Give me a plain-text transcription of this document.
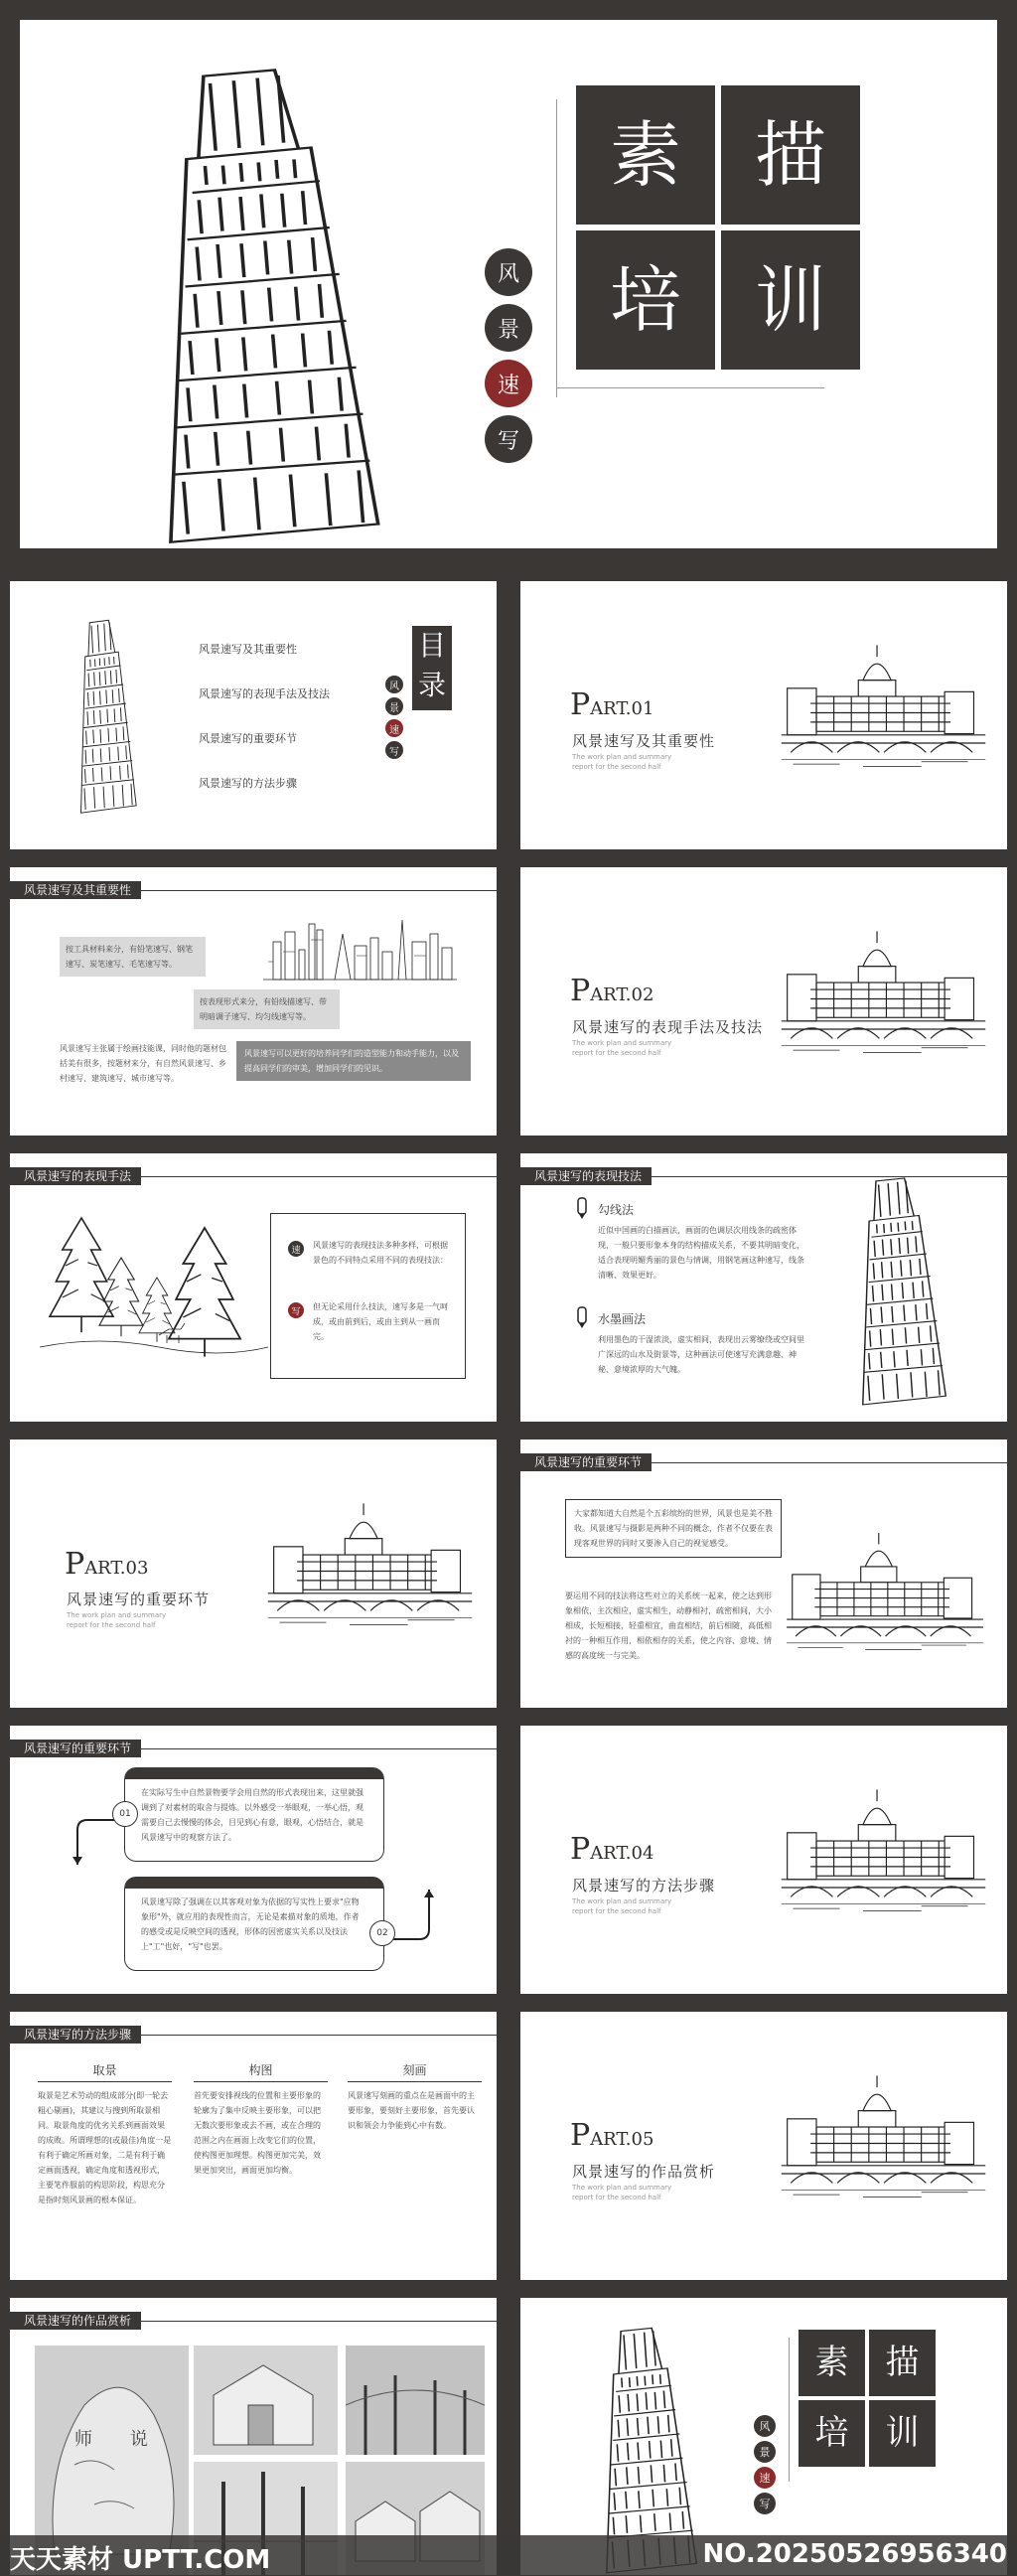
素	描
培	训
风
景
速
写
风景速写及其重要性
风景速写的表现手法及技法
风景速写的重要环节
风景速写的方法步骤
目
录
风
景
速
写
PART.01
风景速写及其重要性
The work plan and summary report for the second half
风景速写及其重要性
按工具材料来分，有铅笔速写、钢笔速写、炭笔速写、毛笔速写等。
按表现形式来分，有铅线描速写、带明暗调子速写、均匀线速写等。
风景速写主张属于绘画技能课，同时他的题材包括美有很多，按题材来分，有自然风景速写、乡村速写、建筑速写、城市速写等。
风景速写可以更好的培养同学们的造型能力和动手能力，以及提高同学们的审美，增加同学们的见识。
PART.02
风景速写的表现手法及技法
The work plan and summary report for the second half
风景速写的表现手法
速	风景速写的表现技法多种多样，可根据景色的不同特点采用不同的表现技法：
写	但无论采用什么技法，速写多是一气呵成，或由前到后，或由主到从一画而完。
风景速写的表现技法
勾线法
近似中国画的白描画法，画面的色调层次用线条的疏密体现，一般只要形象本身的结构描成关系，不要其明暗变化，适合表现明媚秀丽的景色与情调，用钢笔画这种速写，线条清晰、效果更好。
水墨画法
利用墨色的干湿浓淡，虚实相间，表现出云雾缭绕或空间里广深远的山水及街景等，这种画法可使速写充满意趣、神秘、意境浓厚的大气魄。
PART.03
风景速写的重要环节
The work plan and summary report for the second half
风景速写的重要环节
大家都知道大自然是个五彩缤纷的世界，风景也是美不胜收。风景速写与摄影是两种不同的概念，作者不仅要在表现客观世界的同时又要渗入自己的视觉感受。
要运用不同的技法将这些对立的关系统一起来，使之达到形象相依，主次相应，虚实相生，动静相衬，疏密相间，大小相成，长短相接，轻重相宜，曲直相结，前后相随，高低相衬的一种相互作用，相依相存的关系，使之内容、意境、情感的高度统一与完美。
风景速写的重要环节
在实际写生中自然景物要学会用自然的形式表现出来，这里就强调到了对素材的取舍与提炼。以外感受一举眼观，一举心悟，观需要自己去慢慢的体会，目见到心有意，眼观，心悟结合，就是风景速写中的观察方法了。
01
风景速写除了强调在以其客观对象为依据的写实性上要求"应物象形"外，就应用的表现性而言，无论是素描对象的质地，作者的感受或是反映空间的透视，形体的因密虚实关系以及技法上"工"也好，"写"也罢。
02
PART.04
风景速写的方法步骤
The work plan and summary report for the second half
风景速写的方法步骤
取景
取景是艺术劳动的组成部分(即一轮去粗心剔画)，其建议与搜到所取景相同。取景角度的优劣关系到画面效果的成败。所谓理想的(或最佳)角度一是有利于确定所画对象，二是有利于确定画面透视，确定角度和透视形式，主要笔件服前的构思阶段，构思充分是指时刻风景画的根本保证。
构图
首先要安排视线的位置和主要形象的轮廓为了集中反映主要形象，可以把无数次要形象或去不画，或在合理的范围之内在画面上改变它们的位置，使构图更加理想。构图更加完美，效果更加突出，画面更加均衡。
刻画
风景速写刻画的重点在是画面中的主要形象，要刻好主要形象，首先要认识和领会力争能到心中有数。	PART.05
风景速写的作品赏析
The work plan and summary report for the second half
风景速写的作品赏析
师 说
素	描
培	训
风
景
速
写
天天素材 UPTT.COM	NO.20250526956340
